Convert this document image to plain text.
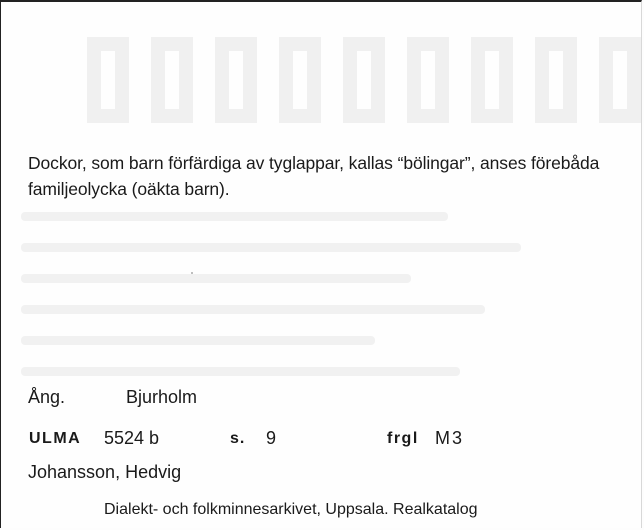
Dockor, som barn förfärdiga av tyglappar, kallas “bölingar”, anses förebåda familjeolycka (oäkta barn).
Ång.	Bjurholm
ULMA 5524 b	s. 9	frgl M3
Johansson, Hedvig
Dialekt- och folkminnesarkivet, Uppsala. Realkatalog
